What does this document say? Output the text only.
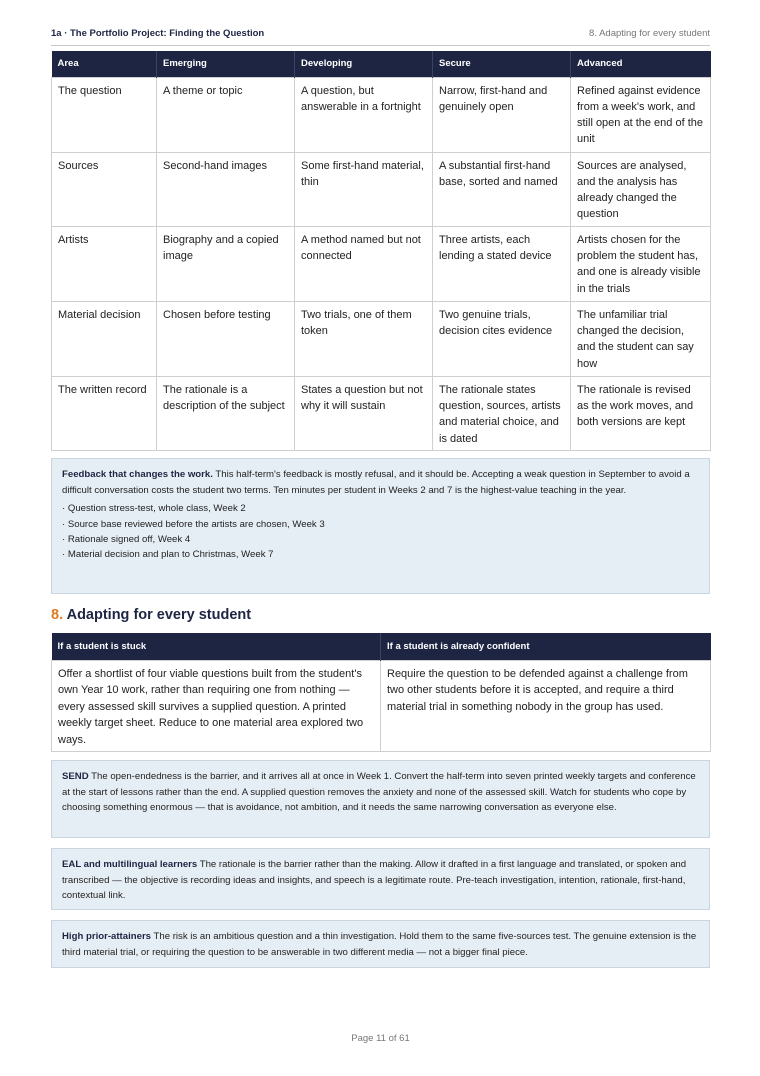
1a · The Portfolio Project: Finding the Question	8. Adapting for every student
Area	Emerging	Developing	Secure	Advanced
The question	A theme or topic	A question, but answerable in a fortnight	Narrow, first-hand and genuinely open	Refined against evidence from a week's work, and still open at the end of the unit
Sources	Second-hand images	Some first-hand material, thin	A substantial first-hand base, sorted and named	Sources are analysed, and the analysis has already changed the question
Artists	Biography and a copied image	A method named but not connected	Three artists, each lending a stated device	Artists chosen for the problem the student has, and one is already visible in the trials
Material decision	Chosen before testing	Two trials, one of them token	Two genuine trials, decision cites evidence	The unfamiliar trial changed the decision, and the student can say how
The written record	The rationale is a description of the subject	States a question but not why it will sustain	The rationale states question, sources, artists and material choice, and is dated	The rationale is revised as the work moves, and both versions are kept

Feedback that changes the work. This half-term's feedback is mostly refusal, and it should be. Accepting a weak question in September to avoid a difficult conversation costs the student two terms. Ten minutes per student in Weeks 2 and 7 is the highest-value teaching in the year.

· Question stress-test, whole class, Week 2
· Source base reviewed before the artists are chosen, Week 3
· Rationale signed off, Week 4
· Material decision and plan to Christmas, Week 7
8. Adapting for every student
If a student is stuck	If a student is already confident
Offer a shortlist of four viable questions built from the student's own Year 10 work, rather than requiring one from nothing — every assessed skill survives a supplied question. A printed weekly target sheet. Reduce to one material area explored two ways.	Require the question to be defended against a challenge from two other students before it is accepted, and require a third material trial in something nobody in the group has used.

SEND The open-endedness is the barrier, and it arrives all at once in Week 1. Convert the half-term into seven printed weekly targets and conference at the start of lessons rather than the end. A supplied question removes the anxiety and none of the assessed skill. Watch for students who cope by choosing something enormous — that is avoidance, not ambition, and it needs the same narrowing conversation as everyone else.

EAL and multilingual learners The rationale is the barrier rather than the making. Allow it drafted in a first language and translated, or spoken and transcribed — the objective is recording ideas and insights, and speech is a legitimate route. Pre-teach investigation, intention, rationale, first-hand, contextual link.

High prior-attainers The risk is an ambitious question and a thin investigation. Hold them to the same five-sources test. The genuine extension is the third material trial, or requiring the question to be answerable in two different media — not a bigger final piece.

Page 11 of 61
